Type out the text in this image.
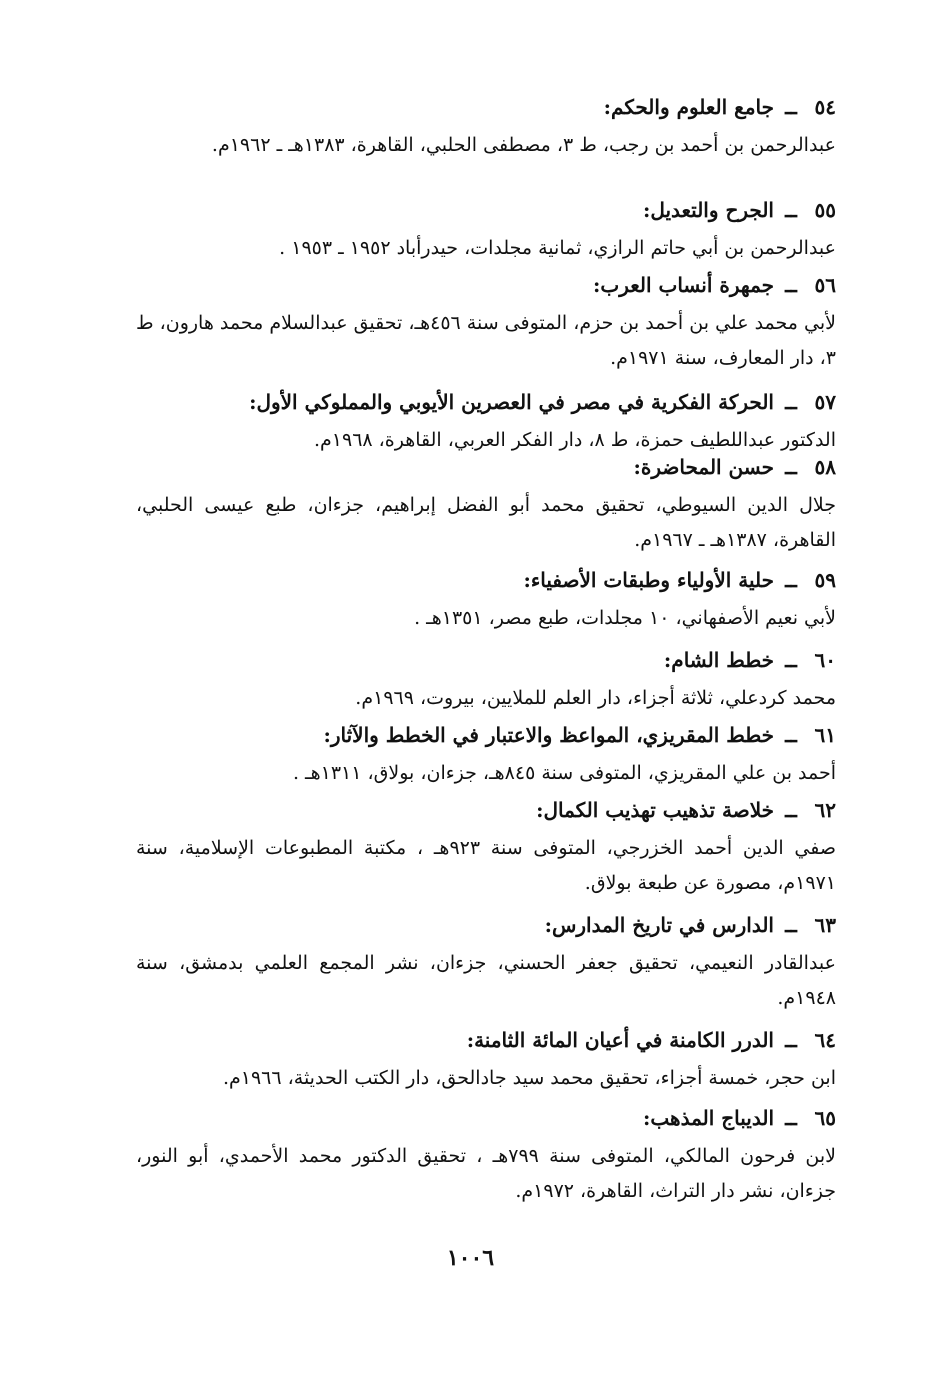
٥٤
ــ
جامع العلوم والحكم:
عبدالرحمن بن أحمد بن رجب، ط ٣، مصطفى الحلبي، القاهرة، ١٣٨٣هـ ـ ١٩٦٢م.
٥٥
ــ
الجرح والتعديل:
عبدالرحمن بن أبي حاتم الرازي، ثمانية مجلدات، حيدرأباد ١٩٥٢ ـ ١٩٥٣ .
٥٦
ــ
جمهرة أنساب العرب:
لأبي محمد علي بن أحمد بن حزم، المتوفى سنة ٤٥٦هـ، تحقيق عبدالسلام محمد هارون، ط ٣، دار المعارف، سنة ١٩٧١م.
٥٧
ــ
الحركة الفكرية في مصر في العصرين الأيوبي والمملوكي الأول:
الدكتور عبداللطيف حمزة، ط ٨، دار الفكر العربي، القاهرة، ١٩٦٨م.
٥٨
ــ
حسن المحاضرة:
جلال الدين السيوطي، تحقيق محمد أبو الفضل إبراهيم، جزءان، طبع عيسى الحلبي، القاهرة، ١٣٨٧هـ ـ ١٩٦٧م.
٥٩
ــ
حلية الأولياء وطبقات الأصفياء:
لأبي نعيم الأصفهاني، ١٠ مجلدات، طبع مصر، ١٣٥١هـ .
٦٠
ــ
خطط الشام:
محمد كردعلي، ثلاثة أجزاء، دار العلم للملايين، بيروت، ١٩٦٩م.
٦١
ــ
خطط المقريزي، المواعظ والاعتبار في الخطط والآثار:
أحمد بن علي المقريزي، المتوفى سنة ٨٤٥هـ، جزءان، بولاق، ١٣١١هـ .
٦٢
ــ
خلاصة تذهيب تهذيب الكمال:
صفي الدين أحمد الخزرجي، المتوفى سنة ٩٢٣هـ ، مكتبة المطبوعات الإسلامية، سنة ١٩٧١م، مصورة عن طبعة بولاق.
٦٣
ــ
الدارس في تاريخ المدارس:
عبدالقادر النعيمي، تحقيق جعفر الحسني، جزءان، نشر المجمع العلمي بدمشق، سنة ١٩٤٨م.
٦٤
ــ
الدرر الكامنة في أعيان المائة الثامنة:
ابن حجر، خمسة أجزاء، تحقيق محمد سيد جادالحق، دار الكتب الحديثة، ١٩٦٦م.
٦٥
ــ
الديباج المذهب:
لابن فرحون المالكي، المتوفى سنة ٧٩٩هـ ، تحقيق الدكتور محمد الأحمدي، أبو النور، جزءان، نشر دار التراث، القاهرة، ١٩٧٢م.
١٠٠٦
